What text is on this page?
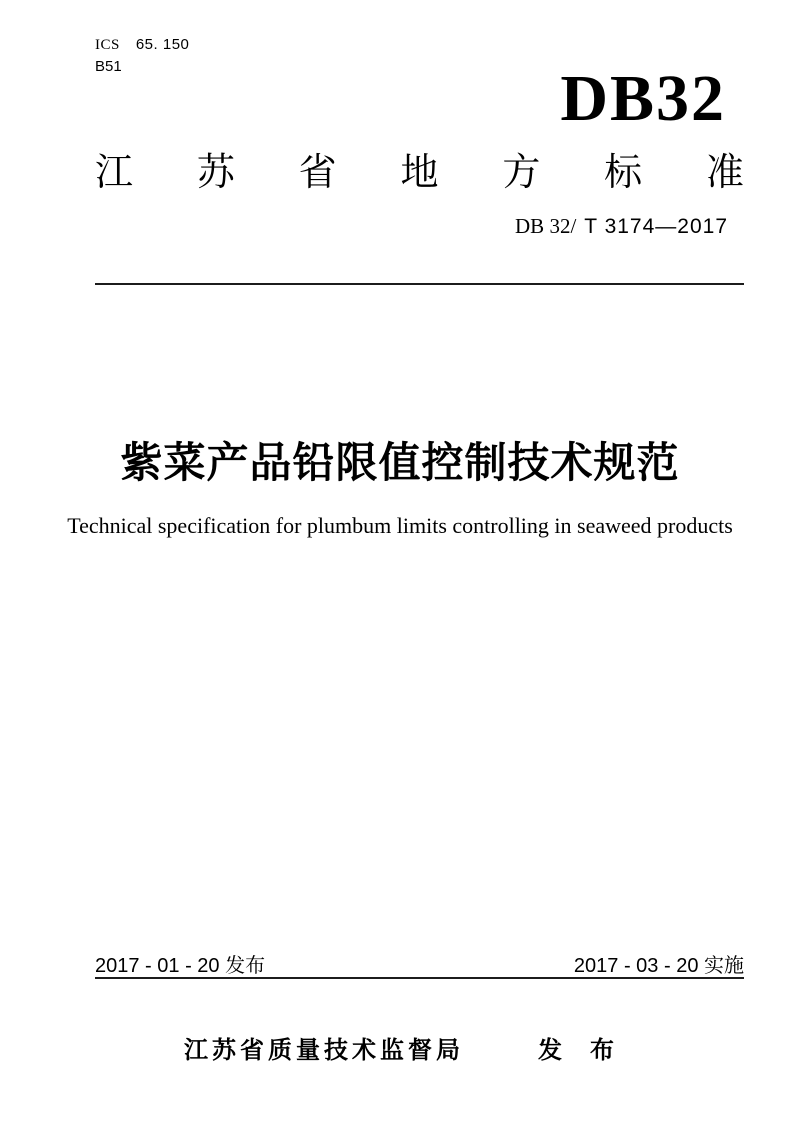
ICS 65. 150
B51	DB32
江苏省地方标准
DB 32/ T 3174—2017
紫菜产品铅限值控制技术规范

Technical specification for plumbum limits controlling in seaweed products

2017 - 01 - 20 发布	2017 - 03 - 20 实施
江苏省质量技术监督局	发　布
